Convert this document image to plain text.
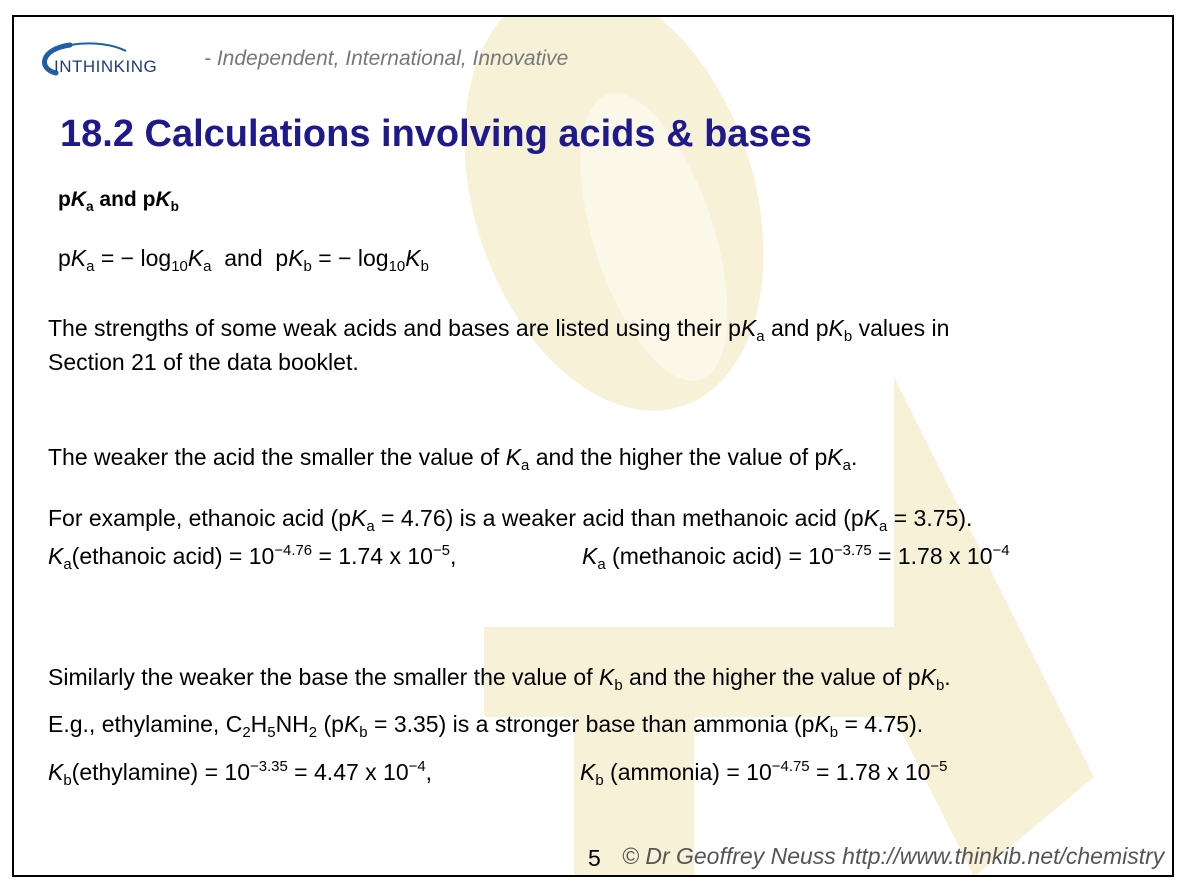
INTHINKING - Independent, International, Innovative
18.2 Calculations involving acids & bases
$pK_a$ and $pK_b$
$pK_a$ = − $\log_{10}K_a$  and  $pK_b$ = − $\log_{10}K_b$
The strengths of some weak acids and bases are listed using their $pK_a$ and $pK_b$ values in
Section 21 of the data booklet.
The weaker the acid the smaller the value of $K_a$ and the higher the value of $pK_a$.
For example, ethanoic acid $(pK_a = 4.76)$ is a weaker acid than methanoic acid $(pK_a = 3.75)$.
$K_a(ethanoic$ acid) = $10^{-4.76} = 1.74$ x $10^{-5}$,	$K_a$ (methanoic acid) = $10^{-3.75} = 1.78$ x $10^{-4}$
Similarly the weaker the base the smaller the value of $K_b$ and the higher the value of $pK_b$.
E.g., ethylamine, $C_2H_5NH_2$ $(pK_b = 3.35)$ is a stronger base than ammonia $(pK_b = 4.75)$.
$K_b(ethylamine) = 10^{-3.35} = 4.47$ x $10^{-4}$,	$K_b$ (ammonia) = $10^{-4.75} = 1.78$ x $10^{-5}$
5 © Dr Geoffrey Neuss http://www.thinkib.net/chemistry
